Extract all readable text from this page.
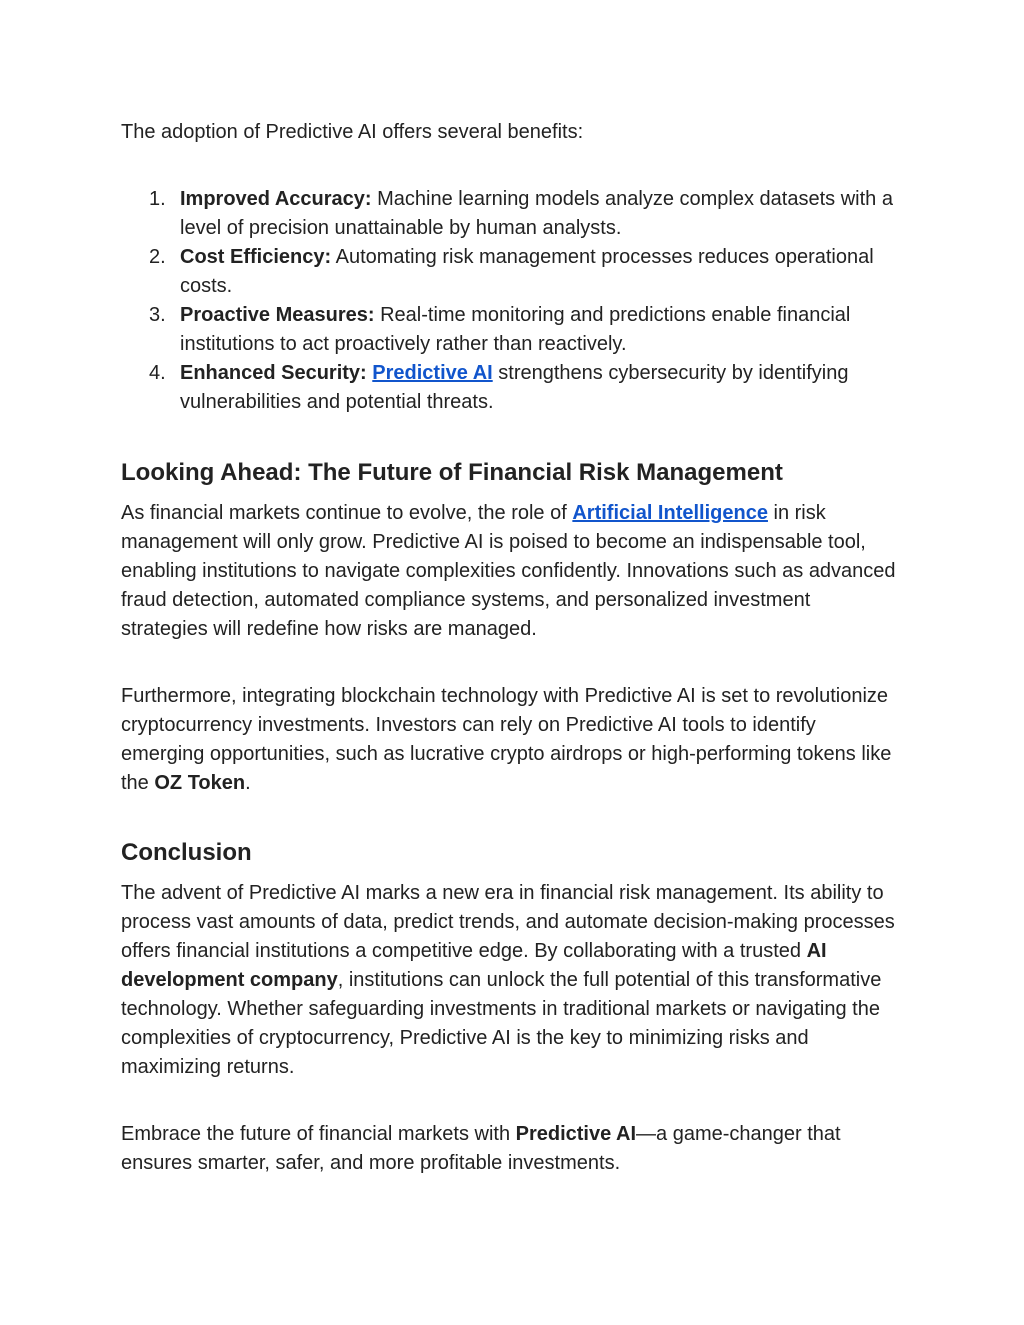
The adoption of Predictive AI offers several benefits:

1. Improved Accuracy: Machine learning models analyze complex datasets with a level of precision unattainable by human analysts.
2. Cost Efficiency: Automating risk management processes reduces operational costs.
3. Proactive Measures: Real-time monitoring and predictions enable financial institutions to act proactively rather than reactively.
4. Enhanced Security: Predictive AI strengthens cybersecurity by identifying vulnerabilities and potential threats.
Looking Ahead: The Future of Financial Risk Management

As financial markets continue to evolve, the role of Artificial Intelligence in risk management will only grow. Predictive AI is poised to become an indispensable tool, enabling institutions to navigate complexities confidently. Innovations such as advanced fraud detection, automated compliance systems, and personalized investment strategies will redefine how risks are managed.

Furthermore, integrating blockchain technology with Predictive AI is set to revolutionize cryptocurrency investments. Investors can rely on Predictive AI tools to identify emerging opportunities, such as lucrative crypto airdrops or high-performing tokens like the OZ Token.

Conclusion

The advent of Predictive AI marks a new era in financial risk management. Its ability to process vast amounts of data, predict trends, and automate decision-making processes offers financial institutions a competitive edge. By collaborating with a trusted AI development company, institutions can unlock the full potential of this transformative technology. Whether safeguarding investments in traditional markets or navigating the complexities of cryptocurrency, Predictive AI is the key to minimizing risks and maximizing returns.

Embrace the future of financial markets with Predictive AI—a game-changer that ensures smarter, safer, and more profitable investments.
